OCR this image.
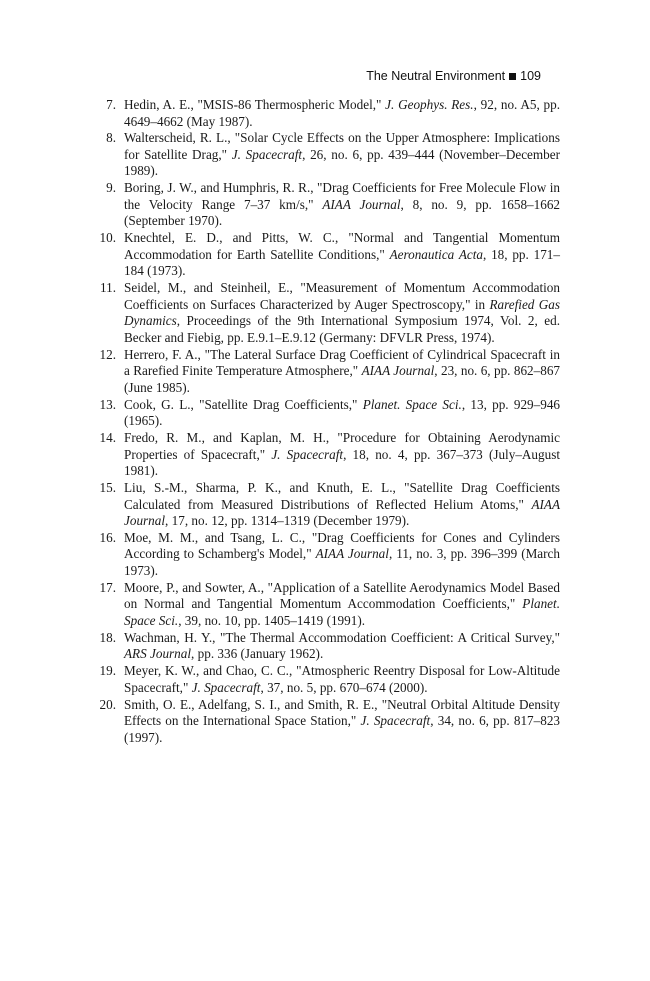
The Neutral Environment 109
7. Hedin, A. E., "MSIS-86 Thermospheric Model," J. Geophys. Res., 92, no. A5, pp. 4649–4662 (May 1987).
8. Walterscheid, R. L., "Solar Cycle Effects on the Upper Atmosphere: Implications for Satellite Drag," J. Spacecraft, 26, no. 6, pp. 439–444 (November–December 1989).
9. Boring, J. W., and Humphris, R. R., "Drag Coefficients for Free Molecule Flow in the Velocity Range 7–37 km/s," AIAA Journal, 8, no. 9, pp. 1658–1662 (September 1970).
10. Knechtel, E. D., and Pitts, W. C., "Normal and Tangential Momentum Accommodation for Earth Satellite Conditions," Aeronautica Acta, 18, pp. 171–184 (1973).
11. Seidel, M., and Steinheil, E., "Measurement of Momentum Accommodation Coefficients on Surfaces Characterized by Auger Spectroscopy," in Rarefied Gas Dynamics, Proceedings of the 9th International Symposium 1974, Vol. 2, ed. Becker and Fiebig, pp. E.9.1–E.9.12 (Germany: DFVLR Press, 1974).
12. Herrero, F. A., "The Lateral Surface Drag Coefficient of Cylindrical Spacecraft in a Rarefied Finite Temperature Atmosphere," AIAA Journal, 23, no. 6, pp. 862–867 (June 1985).
13. Cook, G. L., "Satellite Drag Coefficients," Planet. Space Sci., 13, pp. 929–946 (1965).
14. Fredo, R. M., and Kaplan, M. H., "Procedure for Obtaining Aerodynamic Properties of Spacecraft," J. Spacecraft, 18, no. 4, pp. 367–373 (July–August 1981).
15. Liu, S.-M., Sharma, P. K., and Knuth, E. L., "Satellite Drag Coefficients Calculated from Measured Distributions of Reflected Helium Atoms," AIAA Journal, 17, no. 12, pp. 1314–1319 (December 1979).
16. Moe, M. M., and Tsang, L. C., "Drag Coefficients for Cones and Cylinders According to Schamberg's Model," AIAA Journal, 11, no. 3, pp. 396–399 (March 1973).
17. Moore, P., and Sowter, A., "Application of a Satellite Aerodynamics Model Based on Normal and Tangential Momentum Accommodation Coefficients," Planet. Space Sci., 39, no. 10, pp. 1405–1419 (1991).
18. Wachman, H. Y., "The Thermal Accommodation Coefficient: A Critical Survey," ARS Journal, pp. 336 (January 1962).
19. Meyer, K. W., and Chao, C. C., "Atmospheric Reentry Disposal for Low-Altitude Spacecraft," J. Spacecraft, 37, no. 5, pp. 670–674 (2000).
20. Smith, O. E., Adelfang, S. I., and Smith, R. E., "Neutral Orbital Altitude Density Effects on the International Space Station," J. Spacecraft, 34, no. 6, pp. 817–823 (1997).
